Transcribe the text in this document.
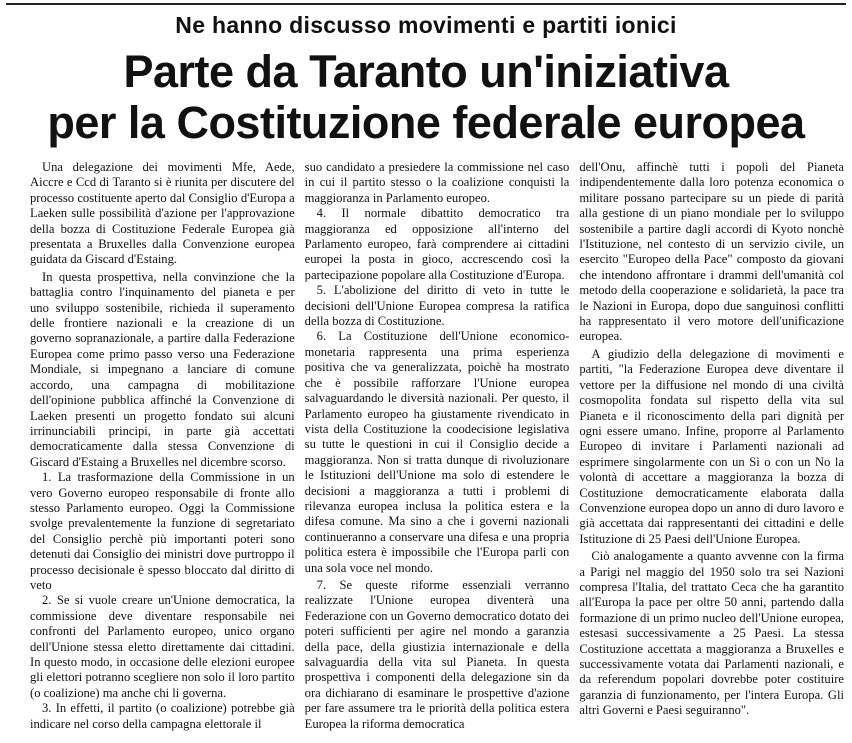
Ne hanno discusso movimenti e partiti ionici
Parte da Taranto un'iniziativa
per la Costituzione federale europea

Una delegazione dei movimenti Mfe, Aede, Aiccre e Ccd di Taranto si è riunita per discutere del processo costituente aperto dal Consiglio d'Europa a Laeken sulle possibilità d'azione per l'approvazione della bozza di Costituzione Federale Europea già presentata a Bruxelles dalla Convenzione europea guidata da Giscard d'Estaing.

In questa prospettiva, nella convinzione che la battaglia contro l'inquinamento del pianeta e per uno sviluppo sostenibile, richieda il superamento delle frontiere nazionali e la creazione di un governo sopranazionale, a partire dalla Federazione Europea come primo passo verso una Federazione Mondiale, si impegnano a lanciare di comune accordo, una campagna di mobilitazione dell'opinione pubblica affinché la Convenzione di Laeken presenti un progetto fondato sui alcuni irrinunciabili principi, in parte già accettati democraticamente dalla stessa Convenzione di Giscard d'Estaing a Bruxelles nel dicembre scorso.

1. La trasformazione della Commissione in un vero Governo europeo responsabile di fronte allo stesso Parlamento europeo. Oggi la Commissione svolge prevalentemente la funzione di segretariato del Consiglio perchè più importanti poteri sono detenuti dai Consiglio dei ministri dove purtroppo il processo decisionale è spesso bloccato dal diritto di veto

2. Se si vuole creare un'Unione democratica, la commissione deve diventare responsabile nei confronti del Parlamento europeo, unico organo dell'Unione stessa eletto direttamente dai cittadini. In questo modo, in occasione delle elezioni europee gli elettori potranno scegliere non solo il loro partito (o coalizione) ma anche chi li governa.

3. In effetti, il partito (o coalizione) potrebbe già indicare nel corso della campagna elettorale il

suo candidato a presiedere la commissione nel caso in cui il partito stesso o la coalizione conquisti la maggioranza in Parlamento europeo.

4. Il normale dibattito democratico tra maggioranza ed opposizione all'interno del Parlamento europeo, farà comprendere ai cittadini europei la posta in gioco, accrescendo così la partecipazione popolare alla Costituzione d'Europa.

5. L'abolizione del diritto di veto in tutte le decisioni dell'Unione Europea compresa la ratifica della bozza di Costituzione.

6. La Costituzione dell'Unione economico-monetaria rappresenta una prima esperienza positiva che va generalizzata, poichè ha mostrato che è possibile rafforzare l'Unione europea salvaguardando le diversità nazionali. Per questo, il Parlamento europeo ha giustamente rivendicato in vista della Costituzione la coodecisione legislativa su tutte le questioni in cui il Consiglio decide a maggioranza. Non si tratta dunque di rivoluzionare le Istituzioni dell'Unione ma solo di estendere le decisioni a maggioranza a tutti i problemi di rilevanza europea inclusa la politica estera e la difesa comune. Ma sino a che i governi nazionali continueranno a conservare una difesa e una propria politica estera è impossibile che l'Europa parli con una sola voce nel mondo.

7. Se queste riforme essenziali verranno realizzate l'Unione europea diventerà una Federazione con un Governo democratico dotato dei poteri sufficienti per agire nel mondo a garanzia della pace, della giustizia internazionale e della salvaguardia della vita sul Pianeta. In questa prospettiva i componenti della delegazione sin da ora dichiarano di esaminare le prospettive d'azione per fare assumere tra le priorità della politica estera Europea la riforma democratica

dell'Onu, affinchè tutti i popoli del Pianeta indipendentemente dalla loro potenza economica o militare possano partecipare su un piede di parità alla gestione di un piano mondiale per lo sviluppo sostenibile a partire dagli accordi di Kyoto nonchè l'Istituzione, nel contesto di un servizio civile, un esercito "Europeo della Pace" composto da giovani che intendono affrontare i drammi dell'umanità col metodo della cooperazione e solidarietà, la pace tra le Nazioni in Europa, dopo due sanguinosi conflitti ha rappresentato il vero motore dell'unificazione europea.

A giudizio della delegazione di movimenti e partiti, "la Federazione Europea deve diventare il vettore per la diffusione nel mondo di una civiltà cosmopolita fondata sul rispetto della vita sul Pianeta e il riconoscimento della pari dignità per ogni essere umano. Infine, proporre al Parlamento Europeo di invitare i Parlamenti nazionali ad esprimere singolarmente con un Sì o con un No la volontà di accettare a maggioranza la bozza di Costituzione democraticamente elaborata dalla Convenzione europea dopo un anno di duro lavoro e già accettata dai rappresentanti dei cittadini e delle Istituzione di 25 Paesi dell'Unione Europea.

Ciò analogamente a quanto avvenne con la firma a Parigi nel maggio del 1950 solo tra sei Nazioni compresa l'Italia, del trattato Ceca che ha garantito all'Europa la pace per oltre 50 anni, partendo dalla formazione di un primo nucleo dell'Unione europea, estesasi successivamente a 25 Paesi. La stessa Costituzione accettata a maggioranza a Bruxelles e successivamente votata dai Parlamenti nazionali, e da referendum popolari dovrebbe poter costituire garanzia di funzionamento, per l'intera Europa. Gli altri Governi e Paesi seguiranno".
